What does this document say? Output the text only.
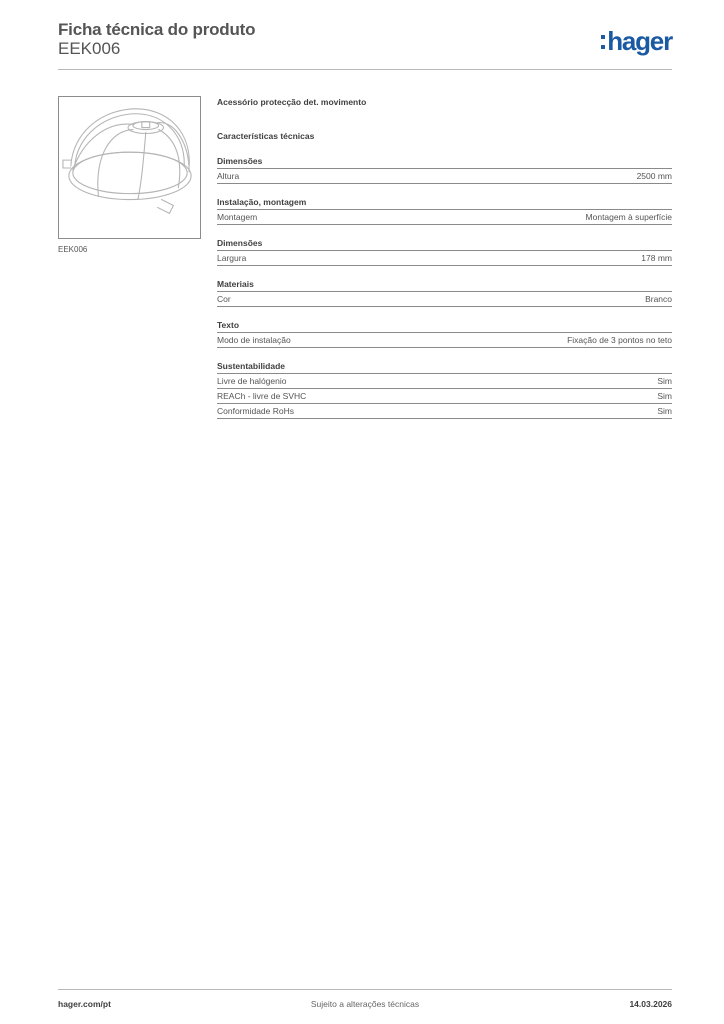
Ficha técnica do produto
EEK006	hager
EEK006
Acessório protecção det. movimento
Características técnicas
Dimensões
Altura	2500 mm
Instalação, montagem
Montagem	Montagem à superfície
Dimensões
Largura	178 mm
Materiais
Cor	Branco
Texto
Modo de instalação	Fixação de 3 pontos no teto
Sustentabilidade
Livre de halógenio	Sim
REACh - livre de SVHC	Sim
Conformidade RoHs	Sim
hager.com/pt	Sujeito a alterações técnicas	14.03.2026
